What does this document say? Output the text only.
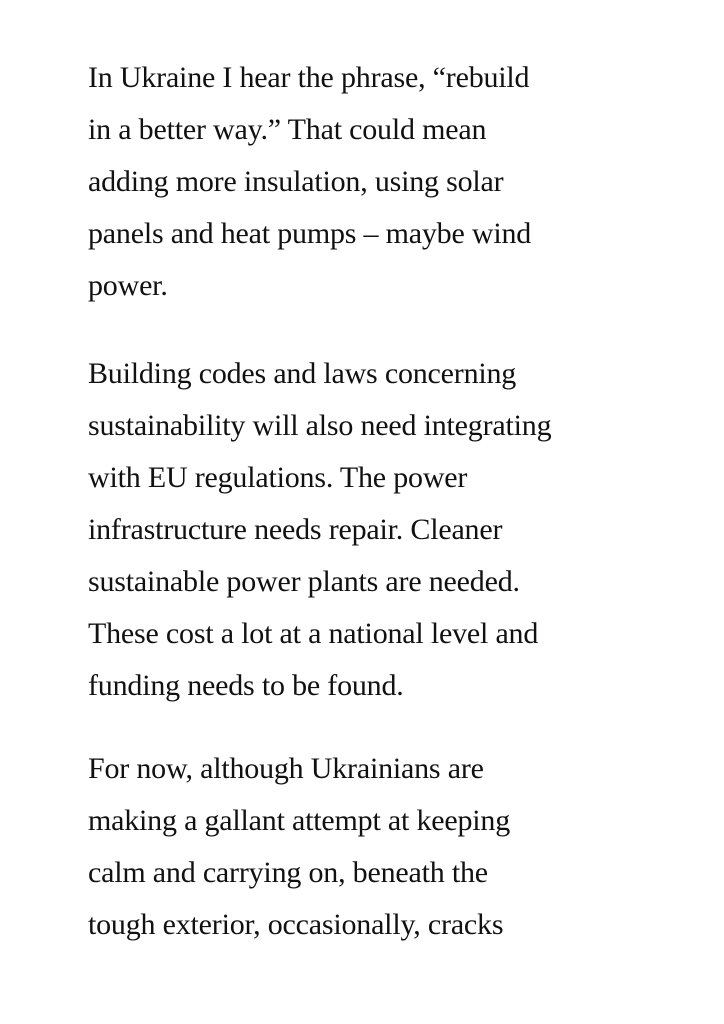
In Ukraine I hear the phrase, “rebuild
in a better way.” That could mean
adding more insulation, using solar
panels and heat pumps – maybe wind
power.
Building codes and laws concerning
sustainability will also need integrating
with EU regulations. The power
infrastructure needs repair. Cleaner
sustainable power plants are needed.
These cost a lot at a national level and
funding needs to be found.
For now, although Ukrainians are
making a gallant attempt at keeping
calm and carrying on, beneath the
tough exterior, occasionally, cracks
